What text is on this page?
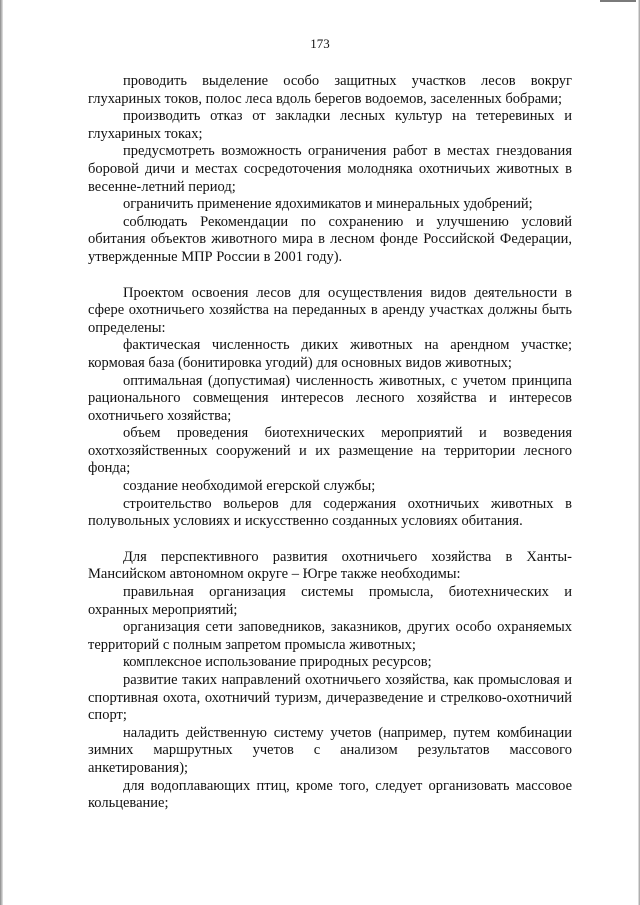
173

проводить выделение особо защитных участков лесов вокруг глухариных токов, полос леса вдоль берегов водоемов, заселенных бобрами;

производить отказ от закладки лесных культур на тетеревиных и глухариных токах;

предусмотреть возможность ограничения работ в местах гнездования боровой дичи и местах сосредоточения молодняка охотничьих животных в весенне-летний период;

ограничить применение ядохимикатов и минеральных удобрений;

соблюдать Рекомендации по сохранению и улучшению условий обитания объектов животного мира в лесном фонде Российской Федерации, утвержденные МПР России в 2001 году).

Проектом освоения лесов для осуществления видов деятельности в сфере охотничьего хозяйства на переданных в аренду участках должны быть определены:

фактическая численность диких животных на арендном участке; кормовая база (бонитировка угодий) для основных видов животных;

оптимальная (допустимая) численность животных, с учетом принципа рационального совмещения интересов лесного хозяйства и интересов охотничьего хозяйства;

объем проведения биотехнических мероприятий и возведения охотхозяйственных сооружений и их размещение на территории лесного фонда;

создание необходимой егерской службы;

строительство вольеров для содержания охотничьих животных в полувольных условиях и искусственно созданных условиях обитания.

Для перспективного развития охотничьего хозяйства в Ханты-Мансийском автономном округе – Югре также необходимы:

правильная организация системы промысла, биотехнических и охранных мероприятий;

организация сети заповедников, заказников, других особо охраняемых территорий с полным запретом промысла животных;

комплексное использование природных ресурсов;

развитие таких направлений охотничьего хозяйства, как промысловая и спортивная охота, охотничий туризм, дичеразведение и стрелково-охотничий спорт;

наладить действенную систему учетов (например, путем комбинации зимних маршрутных учетов с анализом результатов массового анкетирования);

для водоплавающих птиц, кроме того, следует организовать массовое кольцевание;
